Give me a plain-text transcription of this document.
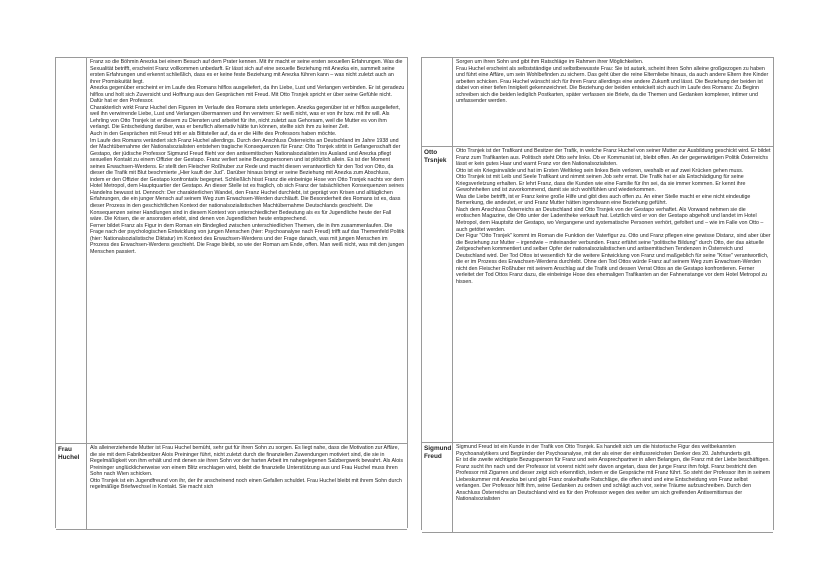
Franz so die Böhmin Anezka bei einem Besuch auf dem Prater kennen. Mit ihr macht er seine ersten sexuellen Erfahrungen. Was die Sexualität betrifft, erscheint Franz vollkommen unbedarft. Er lässt sich auf eine sexuelle Beziehung mit Anezka ein, sammelt seine ersten Erfahrungen und erkennt schließlich, dass es er keine feste Beziehung mit Anezka führen kann – was nicht zuletzt auch an ihrer Promiskuität liegt.

Anezka gegenüber erscheint er im Laufe des Romans hilflos ausgeliefert, da ihn Liebe, Lust und Verlangen verbinden. Er ist geradezu hilflos und holt sich Zuversicht und Hoffnung aus den Gesprächen mit Freud. Mit Otto Trsnjek spricht er über seine Gefühle nicht. Dafür hat er den Professor.

Charakterlich wirkt Franz Huchel den Figuren im Verlaufe des Romans stets unterlegen. Anezka gegenüber ist er hilflos ausgeliefert, weil ihn verwirrende Liebe, Lust und Verlangen übermannen und ihn verwirren: Er weiß nicht, was er von ihr bzw. mit ihr will. Als Lehrling von Otto Trsnjek ist er diesem zu Diensten und arbeitet für ihn, nicht zuletzt aus Gehorsam, weil die Mutter es von ihm verlangt. Die Entscheidung darüber, was er beruflich alternativ hätte tun können, stellte sich ihm zu keiner Zeit.

Auch in den Gesprächen mit Freud tritt er als Bittsteller auf, da er die Hilfe des Professors haben möchte.

Im Laufe des Romans verändert sich Franz Huchel allerdings. Durch den Anschluss Österreichs an Deutschland im Jahre 1938 und der Machtübernahme der Nationalsozialisten entstehen tragische Konsequenzen für Franz: Otto Trsnjek stirbt in Gefangenschaft der Gestapo, der jüdische Professor Sigmund Freud flieht vor den antisemitischen Nationalsozialisten ins Ausland und Anezka pflegt sexuellen Kontakt zu einem Offizier der Gestapo. Franz verliert seine Bezugspersonen und ist plötzlich allein. Es ist der Moment seines Erwachsen-Werdens. Er stellt den Fleischer Roßhuber zur Rede und macht diesen verantwortlich für den Tod von Otto, da dieser die Trafik mit Blut beschmierte „Hier kauft der Jud“. Darüber hinaus bringt er seine Beziehung mit Anezka zum Abschluss, indem er den Offizier der Gestapo konfrontativ begegnet. Schließlich hisst Franz die einbeinige Hose von Otto Trsnjek nachts vor dem Hotel Metropol, dem Hauptquartier der Gestapo. An dieser Stelle ist es fraglich, ob sich Franz der tatsächlichen Konsequenzen seines Handelns bewusst ist. Dennoch: Der charakterlichen Wandel, den Franz Huchel durchlebt, ist geprägt von Krisen und alltäglichen Erfahrungen, die ein junger Mensch auf seinem Weg zum Erwachsen-Werden durchläuft. Die Besonderheit des Romans ist es, dass dieser Prozess in den geschichtlichen Kontext der nationalsozialistischen Machtübernahme Deutschlands geschieht. Die Konsequenzen seiner Handlungen sind in diesem Kontext von unterschiedlicher Bedeutung als es für Jugendliche heute der Fall wäre. Die Krisen, die er ansonsten erlebt, sind denen von Jugendlichen heute entsprechend.

Ferner bildet Franz als Figur in dem Roman ein Bindeglied zwischen unterschiedlichen Themen, die in ihm zusammenlaufen. Die Frage nach der psychologischen Entwicklung von jungen Menschen (hier: Psychoanalyse nach Freud) trifft auf das Themenfeld Politik (hier: Nationalsozialistische Diktatur) im Kontext des Erwachsen-Werdens und der Frage danach, was mit jungen Menschen im Prozess des Erwachsen-Werdens geschieht. Die Frage bleibt, so wie der Roman am Ende, offen. Man weiß nicht, was mit den jungen Menschen passiert.

Frau Huchel

Als alleinerziehende Mutter ist Frau Huchel bemüht, sehr gut für ihren Sohn zu sorgen. Es liegt nahe, dass die Motivation zur Affäre, die sie mit dem Fabrikbesitzer Alois Preininger führt, nicht zuletzt durch die finanziellen Zuwendungen motiviert sind, die sie in Regelmäßigkeit von ihm erhält und mit denen sie ihren Sohn vor der harten Arbeit im nahegelegenen Salzbergwerk bewahrt. Als Alois Preininger unglücklicherweise von einem Blitz erschlagen wird, bleibt die finanzielle Unterstützung aus und Frau Huchel muss ihren Sohn nach Wien schicken.

Otto Trsnjek ist ein Jugendfreund von ihr, der ihr anscheinend noch einen Gefallen schuldet. Frau Huchel bleibt mit ihrem Sohn durch regelmäßige Briefwechsel in Kontakt. Sie macht sich

Sorgen um ihren Sohn und gibt ihm Ratschläge im Rahmen ihrer Möglichkeiten.

Frau Huchel erscheint als selbstständige und selbstbewusste Frau: Sie ist autark, scheint ihren Sohn alleine großgezogen zu haben und führt eine Affäre, um sein Wohlbefinden zu sichern. Das geht über die reine Elternliebe hinaus, da auch andere Eltern ihre Kinder arbeiten schicken. Frau Huchel wünscht sich für ihren Franz allerdings eine andere Zukunft und lässt. Die Beziehung der beiden ist dabei von einer tiefen Innigkeit gekennzeichnet. Die Beziehung der beiden entwickelt sich auch im Laufe des Romans: Zu Beginn schreiben sich die beiden lediglich Postkarten, später verfassen sie Briefe, da die Themen und Gedanken komplexer, intimer und umfassender werden.

Otto Trsnjek

Otto Trsnjek ist der Trafikant und Besitzer der Trafik, in welche Franz Huchel von seiner Mutter zur Ausbildung geschickt wird. Er bildet Franz zum Trafikanten aus. Politisch steht Otto sehr links. Ob er Kommunist ist, bleibt offen. An der gegenwärtigen Politik Österreichs lässt er kein gutes Haar und warnt Franz vor den Nationalsozialisten.

Otto ist ein Kriegsinvalide und hat im Ersten Weltkrieg sein linkes Bein verloren, weshalb er auf zwei Krücken gehen muss.

Otto Trsnjek ist mit Leib und Seele Trafikant und nimmt seinen Job sehr ernst. Die Trafik hat er als Entschädigung für seine Kriegsverletzung erhalten. Er lehrt Franz, dass die Kunden wie eine Familie für ihn sei, da sie immer kommen. Er kennt ihre Gewohnheiten und ist zuvorkommend, damit sie sich wohlfühlen und wiederkommen.

Was die Liebe betrifft, ist er Franz keine große Hilfe und gibt dies auch offen zu. An einer Stelle macht er eine nicht eindeutige Bemerkung, die andeutet, er und Franz Mutter hätten irgendwann eine Beziehung geführt.

Nach dem Anschluss Österreichs an Deutschland sind Otto Trsnjek von der Gestapo verhaftet. Als Vorwand nehmen sie die erotischen Magazine, die Otto unter der Ladentheke verkauft hat. Letztlich wird er von der Gestapo abgeholt und landet im Hotel Metropol, dem Hauptsitz der Gestapo, wo Vergangene und systematische Personen verhört, gefoltert und – wie im Falle von Otto – auch getötet werden.

Der Figur "Otto Trsnjek" kommt im Roman die Funktion der Vaterfigur zu. Otto und Franz pflegen eine gewisse Distanz, sind aber über die Beziehung zur Mutter – irgendwie – miteinander verbunden. Franz erfährt seine "politische Bildung" durch Otto, der das aktuelle Zeitgeschehen kommentiert und selber Opfer der nationalsozialistischen und antisemitischen Tendenzen in Österreich und Deutschland wird. Der Tod Ottos ist wesentlich für die weitere Entwicklung von Franz und maßgeblich für seine "Krise" verantwortlich, die er im Prozess des Erwachsen-Werdens durchlebt. Ohne den Tod Ottos würde Franz auf seinem Weg zum Erwachsen-Werden nicht den Fleischer Roßhuber mit seinem Anschlag auf die Trafik und dessen Verrat Ottos an die Gestapo konfrontieren. Ferner verleitet der Tod Ottos Franz dazu, die einbeinige Hose des ehemaligen Trafikanten an der Fahnenstange vor dem Hotel Metropol zu hissen.

Sigmund Freud

Sigmund Freud ist ein Kunde in der Trafik von Otto Trsnjek. Es handelt sich um die historische Figur des weltbekannten Psychoanalytikers und Begründer der Psychoanalyse, mit der als einer der einflussreichsten Denker des 20. Jahrhunderts gilt.

Er ist die zweite wichtigste Bezugsperson für Franz und sein Ansprechpartner in allen Belangen, die Franz mit der Liebe beschäftigen.

Franz sucht ihn nach und der Professor ist vorerst nicht sehr davon angetan, dass der junge Franz ihm folgt. Franz bestricht den Professor mit Zigarren und dieser zeigt sich erkenntlich, indem er die Gespräche mit Franz führt. So steht der Professor ihm in seinem Liebeskummer mit Anezka bei und gibt Franz orakelhafte Ratschläge, die offen sind und eine Entscheidung von Franz selbst verlangen. Der Professor hilft ihm, seine Gedanken zu ordnen und schlägt auch vor, seine Träume aufzuschreiben. Durch den Anschluss Österreichs an Deutschland wird es für den Professor wegen des weiter um sich greifenden Antisemitismus der Nationalsozialisten
